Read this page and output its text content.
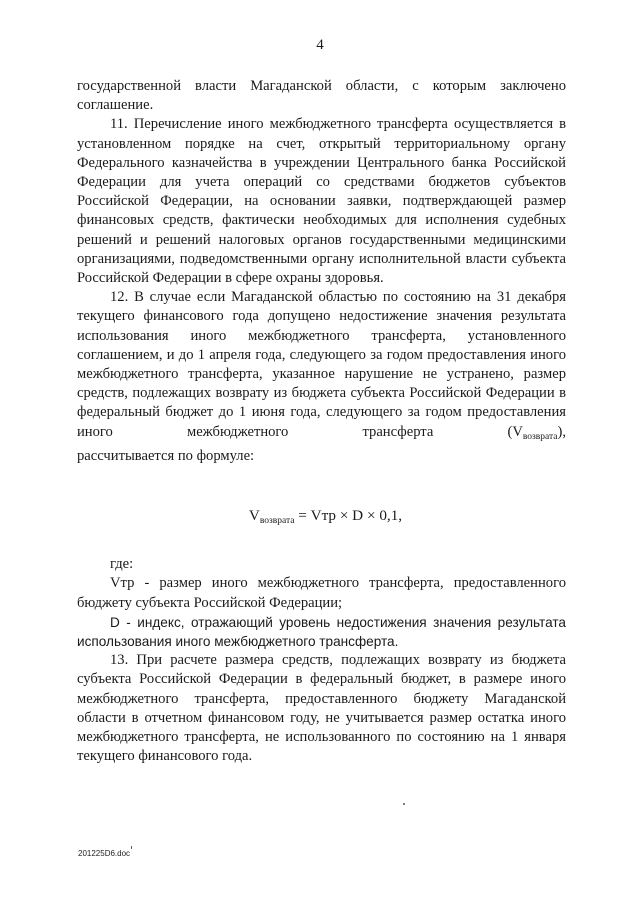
4

государственной власти Магаданской области, с которым заключено соглашение.

11. Перечисление иного межбюджетного трансферта осуществляется в установленном порядке на счет, открытый территориальному органу Федерального казначейства в учреждении Центрального банка Российской Федерации для учета операций со средствами бюджетов субъектов Российской Федерации, на основании заявки, подтверждающей размер финансовых средств, фактически необходимых для исполнения судебных решений и решений налоговых органов государственными медицинскими организациями, подведомственными органу исполнительной власти субъекта Российской Федерации в сфере охраны здоровья.

12. В случае если Магаданской областью по состоянию на 31 декабря текущего финансового года допущено недостижение значения результата использования иного межбюджетного трансферта, установленного соглашением, и до 1 апреля года, следующего за годом предоставления иного межбюджетного трансферта, указанное нарушение не устранено, размер средств, подлежащих возврату из бюджета субъекта Российской Федерации в федеральный бюджет до 1 июня года, следующего за годом предоставления иного межбюджетного трансферта $(V_{возврата})$,

рассчитывается по формуле:

$V_{возврата}$ = Vтр × D × 0,1,

где:

Vтр - размер иного межбюджетного трансферта, предоставленного бюджету субъекта Российской Федерации;

D - индекс, отражающий уровень недостижения значения результата использования иного межбюджетного трансферта.

13. При расчете размера средств, подлежащих возврату из бюджета субъекта Российской Федерации в федеральный бюджет, в размере иного межбюджетного трансферта, предоставленного бюджету Магаданской области в отчетном финансовом году, не учитывается размер остатка иного межбюджетного трансферта, не использованного по состоянию на 1 января текущего финансового года.

201225D6.doc
